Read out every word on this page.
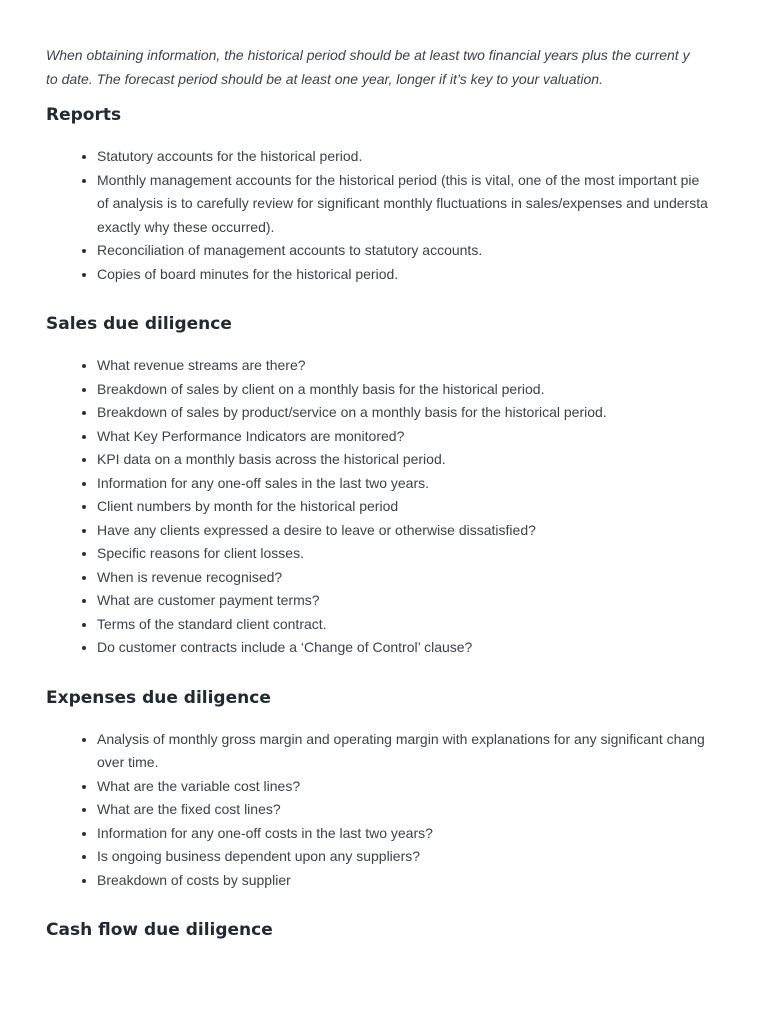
When obtaining information, the historical period should be at least two financial years plus the current y
to date. The forecast period should be at least one year, longer if it’s key to your valuation.

Reports
Statutory accounts for the historical period.
Monthly management accounts for the historical period (this is vital, one of the most important pie
of analysis is to carefully review for significant monthly fluctuations in sales/expenses and understa
exactly why these occurred).
Reconciliation of management accounts to statutory accounts.
Copies of board minutes for the historical period.
Sales due diligence
What revenue streams are there?
Breakdown of sales by client on a monthly basis for the historical period.
Breakdown of sales by product/service on a monthly basis for the historical period.
What Key Performance Indicators are monitored?
KPI data on a monthly basis across the historical period.
Information for any one-off sales in the last two years.
Client numbers by month for the historical period
Have any clients expressed a desire to leave or otherwise dissatisfied?
Specific reasons for client losses.
When is revenue recognised?
What are customer payment terms?
Terms of the standard client contract.
Do customer contracts include a ‘Change of Control’ clause?
Expenses due diligence
Analysis of monthly gross margin and operating margin with explanations for any significant chang
over time.
What are the variable cost lines?
What are the fixed cost lines?
Information for any one-off costs in the last two years?
Is ongoing business dependent upon any suppliers?
Breakdown of costs by supplier
Cash flow due diligence
